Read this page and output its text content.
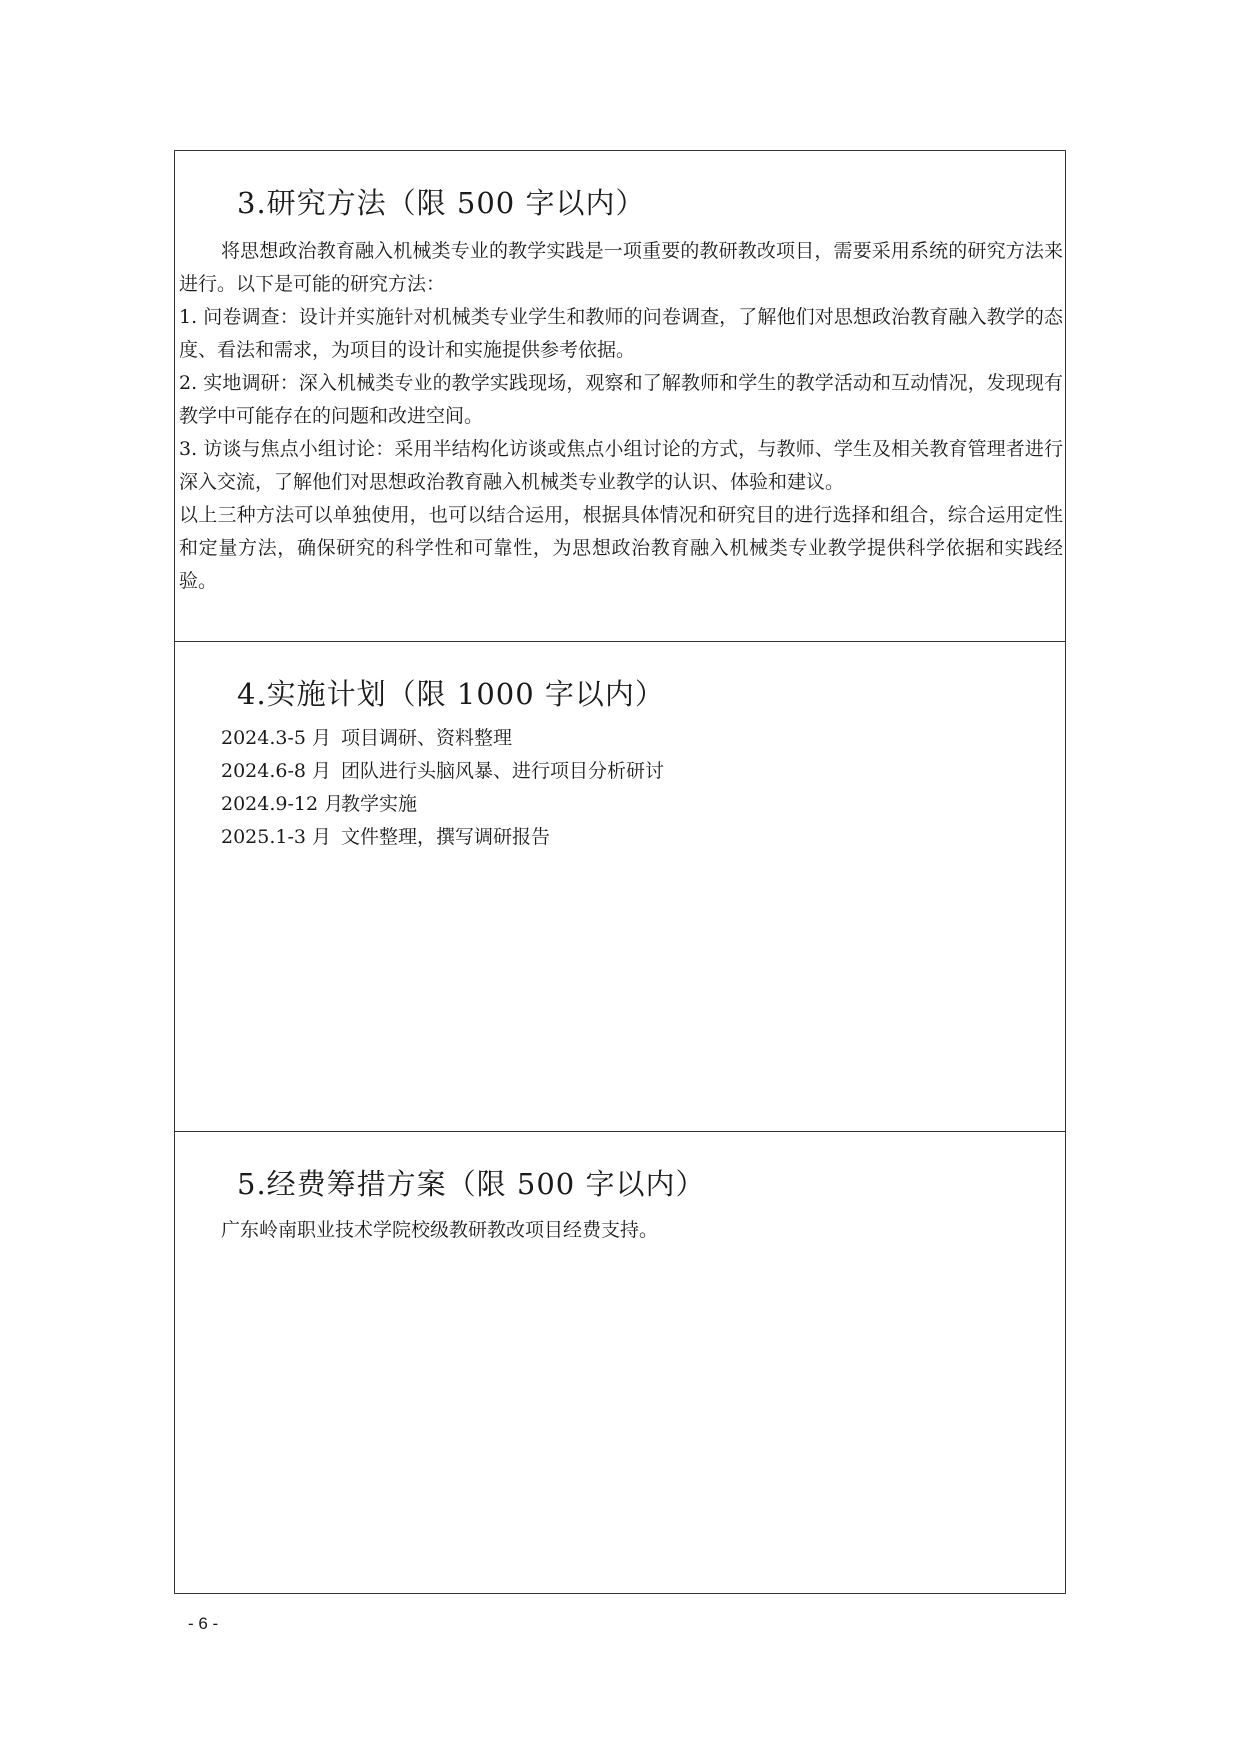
3.研究方法（限 500 字以内）

将思想政治教育融入机械类专业的教学实践是一项重要的教研教改项目，需要采用系统的研究方法来进行。以下是可能的研究方法：

1. 问卷调查：设计并实施针对机械类专业学生和教师的问卷调查，了解他们对思想政治教育融入教学的态度、看法和需求，为项目的设计和实施提供参考依据。

2. 实地调研：深入机械类专业的教学实践现场，观察和了解教师和学生的教学活动和互动情况，发现现有教学中可能存在的问题和改进空间。

3. 访谈与焦点小组讨论：采用半结构化访谈或焦点小组讨论的方式，与教师、学生及相关教育管理者进行深入交流，了解他们对思想政治教育融入机械类专业教学的认识、体验和建议。

以上三种方法可以单独使用，也可以结合运用，根据具体情况和研究目的进行选择和组合，综合运用定性和定量方法，确保研究的科学性和可靠性，为思想政治教育融入机械类专业教学提供科学依据和实践经验。

4.实施计划（限 1000 字以内）
2024.3-5 月 项目调研、资料整理
2024.6-8 月 团队进行头脑风暴、进行项目分析研讨
2024.9-12 月
教学实施
2025.1-3 月 文件整理，撰写调研报告
5.经费筹措方案（限 500 字以内）
广东岭南职业技术学院校级教研教改项目经费支持。
- 6 -
